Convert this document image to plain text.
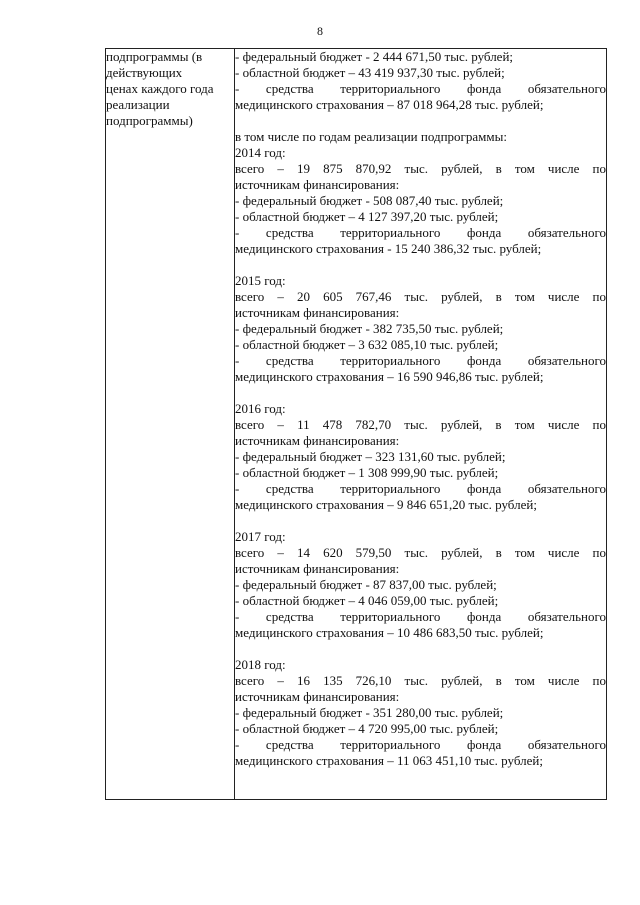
8
подпрограммы (в
действующих
ценах каждого года
реализации
подпрограммы)

- федеральный бюджет - 2 444 671,50 тыс. рублей;
- областной бюджет – 43 419 937,30 тыс. рублей;
- средства территориального фонда обязательного
медицинского страхования – 87 018 964,28 тыс. рублей;
в том числе по годам реализации подпрограммы:
2014 год:
всего – 19 875 870,92 тыс. рублей, в том числе по
источникам финансирования:
- федеральный бюджет - 508 087,40 тыс. рублей;
- областной бюджет – 4 127 397,20 тыс. рублей;
- средства территориального фонда обязательного
медицинского страхования - 15 240 386,32 тыс. рублей;
2015 год:
всего – 20 605 767,46 тыс. рублей, в том числе по
источникам финансирования:
- федеральный бюджет - 382 735,50 тыс. рублей;
- областной бюджет – 3 632 085,10 тыс. рублей;
- средства территориального фонда обязательного
медицинского страхования – 16 590 946,86 тыс. рублей;
2016 год:
всего – 11 478 782,70 тыс. рублей, в том числе по
источникам финансирования:
- федеральный бюджет – 323 131,60 тыс. рублей;
- областной бюджет – 1 308 999,90 тыс. рублей;
- средства территориального фонда обязательного
медицинского страхования – 9 846 651,20 тыс. рублей;
2017 год:
всего – 14 620 579,50 тыс. рублей, в том числе по
источникам финансирования:
- федеральный бюджет - 87 837,00 тыс. рублей;
- областной бюджет – 4 046 059,00 тыс. рублей;
- средства территориального фонда обязательного
медицинского страхования – 10 486 683,50 тыс. рублей;
2018 год:
всего – 16 135 726,10 тыс. рублей, в том числе по
источникам финансирования:
- федеральный бюджет - 351 280,00 тыс. рублей;
- областной бюджет – 4 720 995,00 тыс. рублей;
- средства территориального фонда обязательного
медицинского страхования – 11 063 451,10 тыс. рублей;
